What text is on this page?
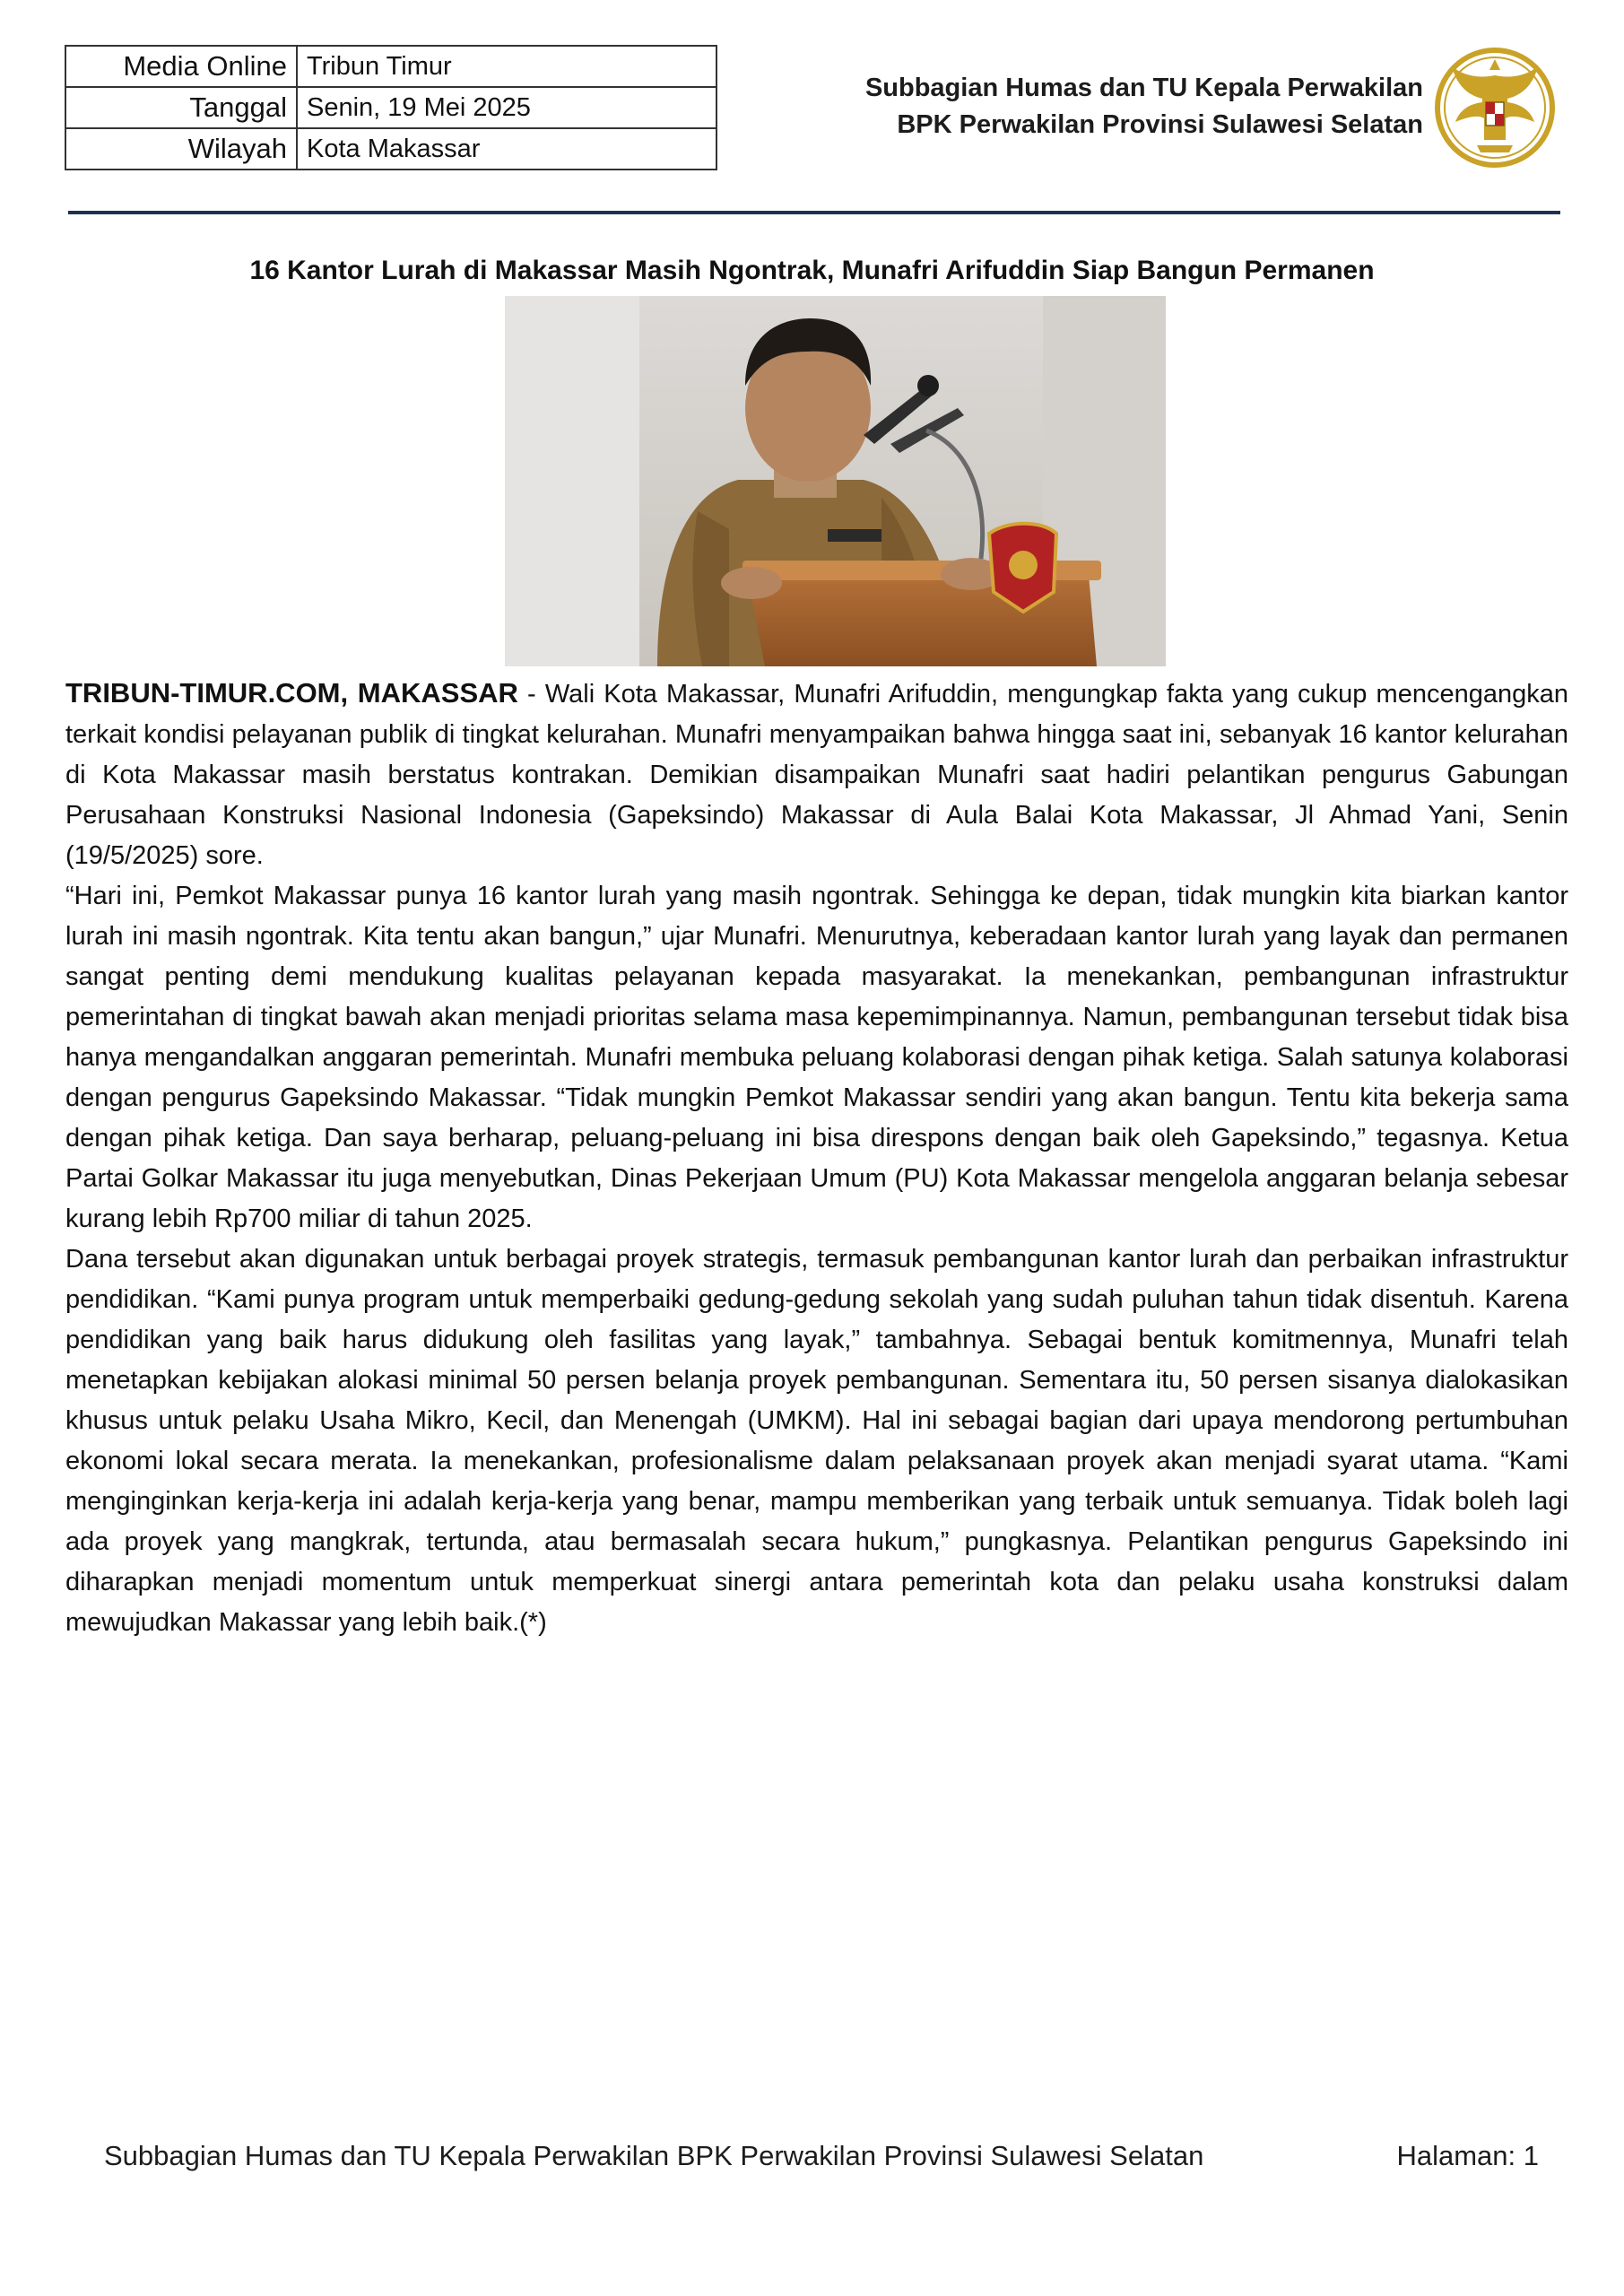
Media Online	Tribun Timur
Tanggal	Senin, 19 Mei 2025
Wilayah	Kota Makassar
Subbagian Humas dan TU Kepala Perwakilan
BPK Perwakilan Provinsi Sulawesi Selatan
16 Kantor Lurah di Makassar Masih Ngontrak, Munafri Arifuddin Siap Bangun Permanen

TRIBUN-TIMUR.COM, MAKASSAR - Wali Kota Makassar, Munafri Arifuddin, mengungkap fakta yang cukup mencengangkan terkait kondisi pelayanan publik di tingkat kelurahan. Munafri menyampaikan bahwa hingga saat ini, sebanyak 16 kantor kelurahan di Kota Makassar masih berstatus kontrakan. Demikian disampaikan Munafri saat hadiri pelantikan pengurus Gabungan Perusahaan Konstruksi Nasional Indonesia (Gapeksindo) Makassar di Aula Balai Kota Makassar, Jl Ahmad Yani, Senin (19/5/2025) sore.

“Hari ini, Pemkot Makassar punya 16 kantor lurah yang masih ngontrak. Sehingga ke depan, tidak mungkin kita biarkan kantor lurah ini masih ngontrak. Kita tentu akan bangun,” ujar Munafri. Menurutnya, keberadaan kantor lurah yang layak dan permanen sangat penting demi mendukung kualitas pelayanan kepada masyarakat. Ia menekankan, pembangunan infrastruktur pemerintahan di tingkat bawah akan menjadi prioritas selama masa kepemimpinannya. Namun, pembangunan tersebut tidak bisa hanya mengandalkan anggaran pemerintah. Munafri membuka peluang kolaborasi dengan pihak ketiga. Salah satunya kolaborasi dengan pengurus Gapeksindo Makassar. “Tidak mungkin Pemkot Makassar sendiri yang akan bangun. Tentu kita bekerja sama dengan pihak ketiga. Dan saya berharap, peluang-peluang ini bisa direspons dengan baik oleh Gapeksindo,” tegasnya. Ketua Partai Golkar Makassar itu juga menyebutkan, Dinas Pekerjaan Umum (PU) Kota Makassar mengelola anggaran belanja sebesar kurang lebih Rp700 miliar di tahun 2025.

Dana tersebut akan digunakan untuk berbagai proyek strategis, termasuk pembangunan kantor lurah dan perbaikan infrastruktur pendidikan. “Kami punya program untuk memperbaiki gedung-gedung sekolah yang sudah puluhan tahun tidak disentuh. Karena pendidikan yang baik harus didukung oleh fasilitas yang layak,” tambahnya. Sebagai bentuk komitmennya, Munafri telah menetapkan kebijakan alokasi minimal 50 persen belanja proyek pembangunan. Sementara itu, 50 persen sisanya dialokasikan khusus untuk pelaku Usaha Mikro, Kecil, dan Menengah (UMKM). Hal ini sebagai bagian dari upaya mendorong pertumbuhan ekonomi lokal secara merata. Ia menekankan, profesionalisme dalam pelaksanaan proyek akan menjadi syarat utama. “Kami menginginkan kerja-kerja ini adalah kerja-kerja yang benar, mampu memberikan yang terbaik untuk semuanya. Tidak boleh lagi ada proyek yang mangkrak, tertunda, atau bermasalah secara hukum,” pungkasnya. Pelantikan pengurus Gapeksindo ini diharapkan menjadi momentum untuk memperkuat sinergi antara pemerintah kota dan pelaku usaha konstruksi dalam mewujudkan Makassar yang lebih baik.(*)

Subbagian Humas dan TU Kepala Perwakilan BPK Perwakilan Provinsi Sulawesi Selatan	Halaman: 1
